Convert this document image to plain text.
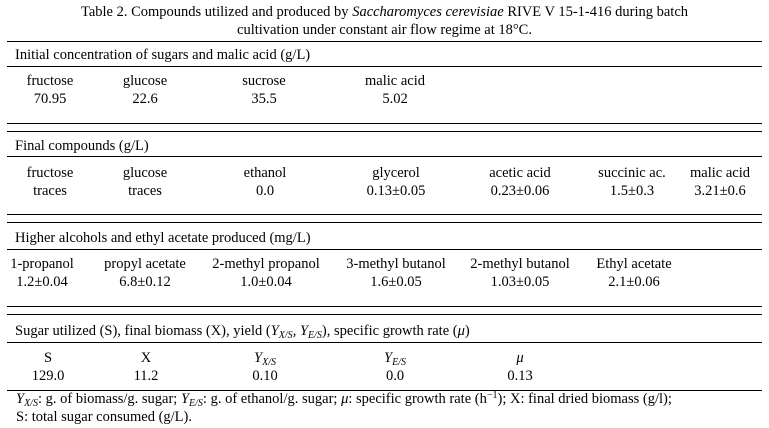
Table 2. Compounds utilized and produced by Saccharomyces cerevisiae RIVE V 15-1-416 during batch
cultivation under constant air flow regime at 18°C.
Initial concentration of sugars and malic acid (g/L)
fructose
70.95
glucose
22.6
sucrose
35.5
malic acid
5.02
Final compounds (g/L)
fructose
traces
glucose
traces
ethanol
0.0
glycerol
0.13±0.05
acetic acid
0.23±0.06
succinic ac.
1.5±0.3
malic acid
3.21±0.6
Higher alcohols and ethyl acetate produced (mg/L)
1-propanol
1.2±0.04
propyl acetate
6.8±0.12
2-methyl propanol
1.0±0.04
3-methyl butanol
1.6±0.05
2-methyl butanol
1.03±0.05
Ethyl acetate
2.1±0.06
Sugar utilized (S), final biomass (X), yield ($Y_{X/S}$, $Y_{E/S}$), specific growth rate (μ)
S
129.0
X
11.2
$Y_{X/S}$
0.10
$Y_{E/S}$
0.0
μ
0.13
$Y_{X/S}$: g. of biomass/g. sugar; $Y_{E/S}$: g. of ethanol/g. sugar; μ: specific growth rate $(h^{-1})$; X: final dried biomass (g/l);
S: total sugar consumed (g/L).
